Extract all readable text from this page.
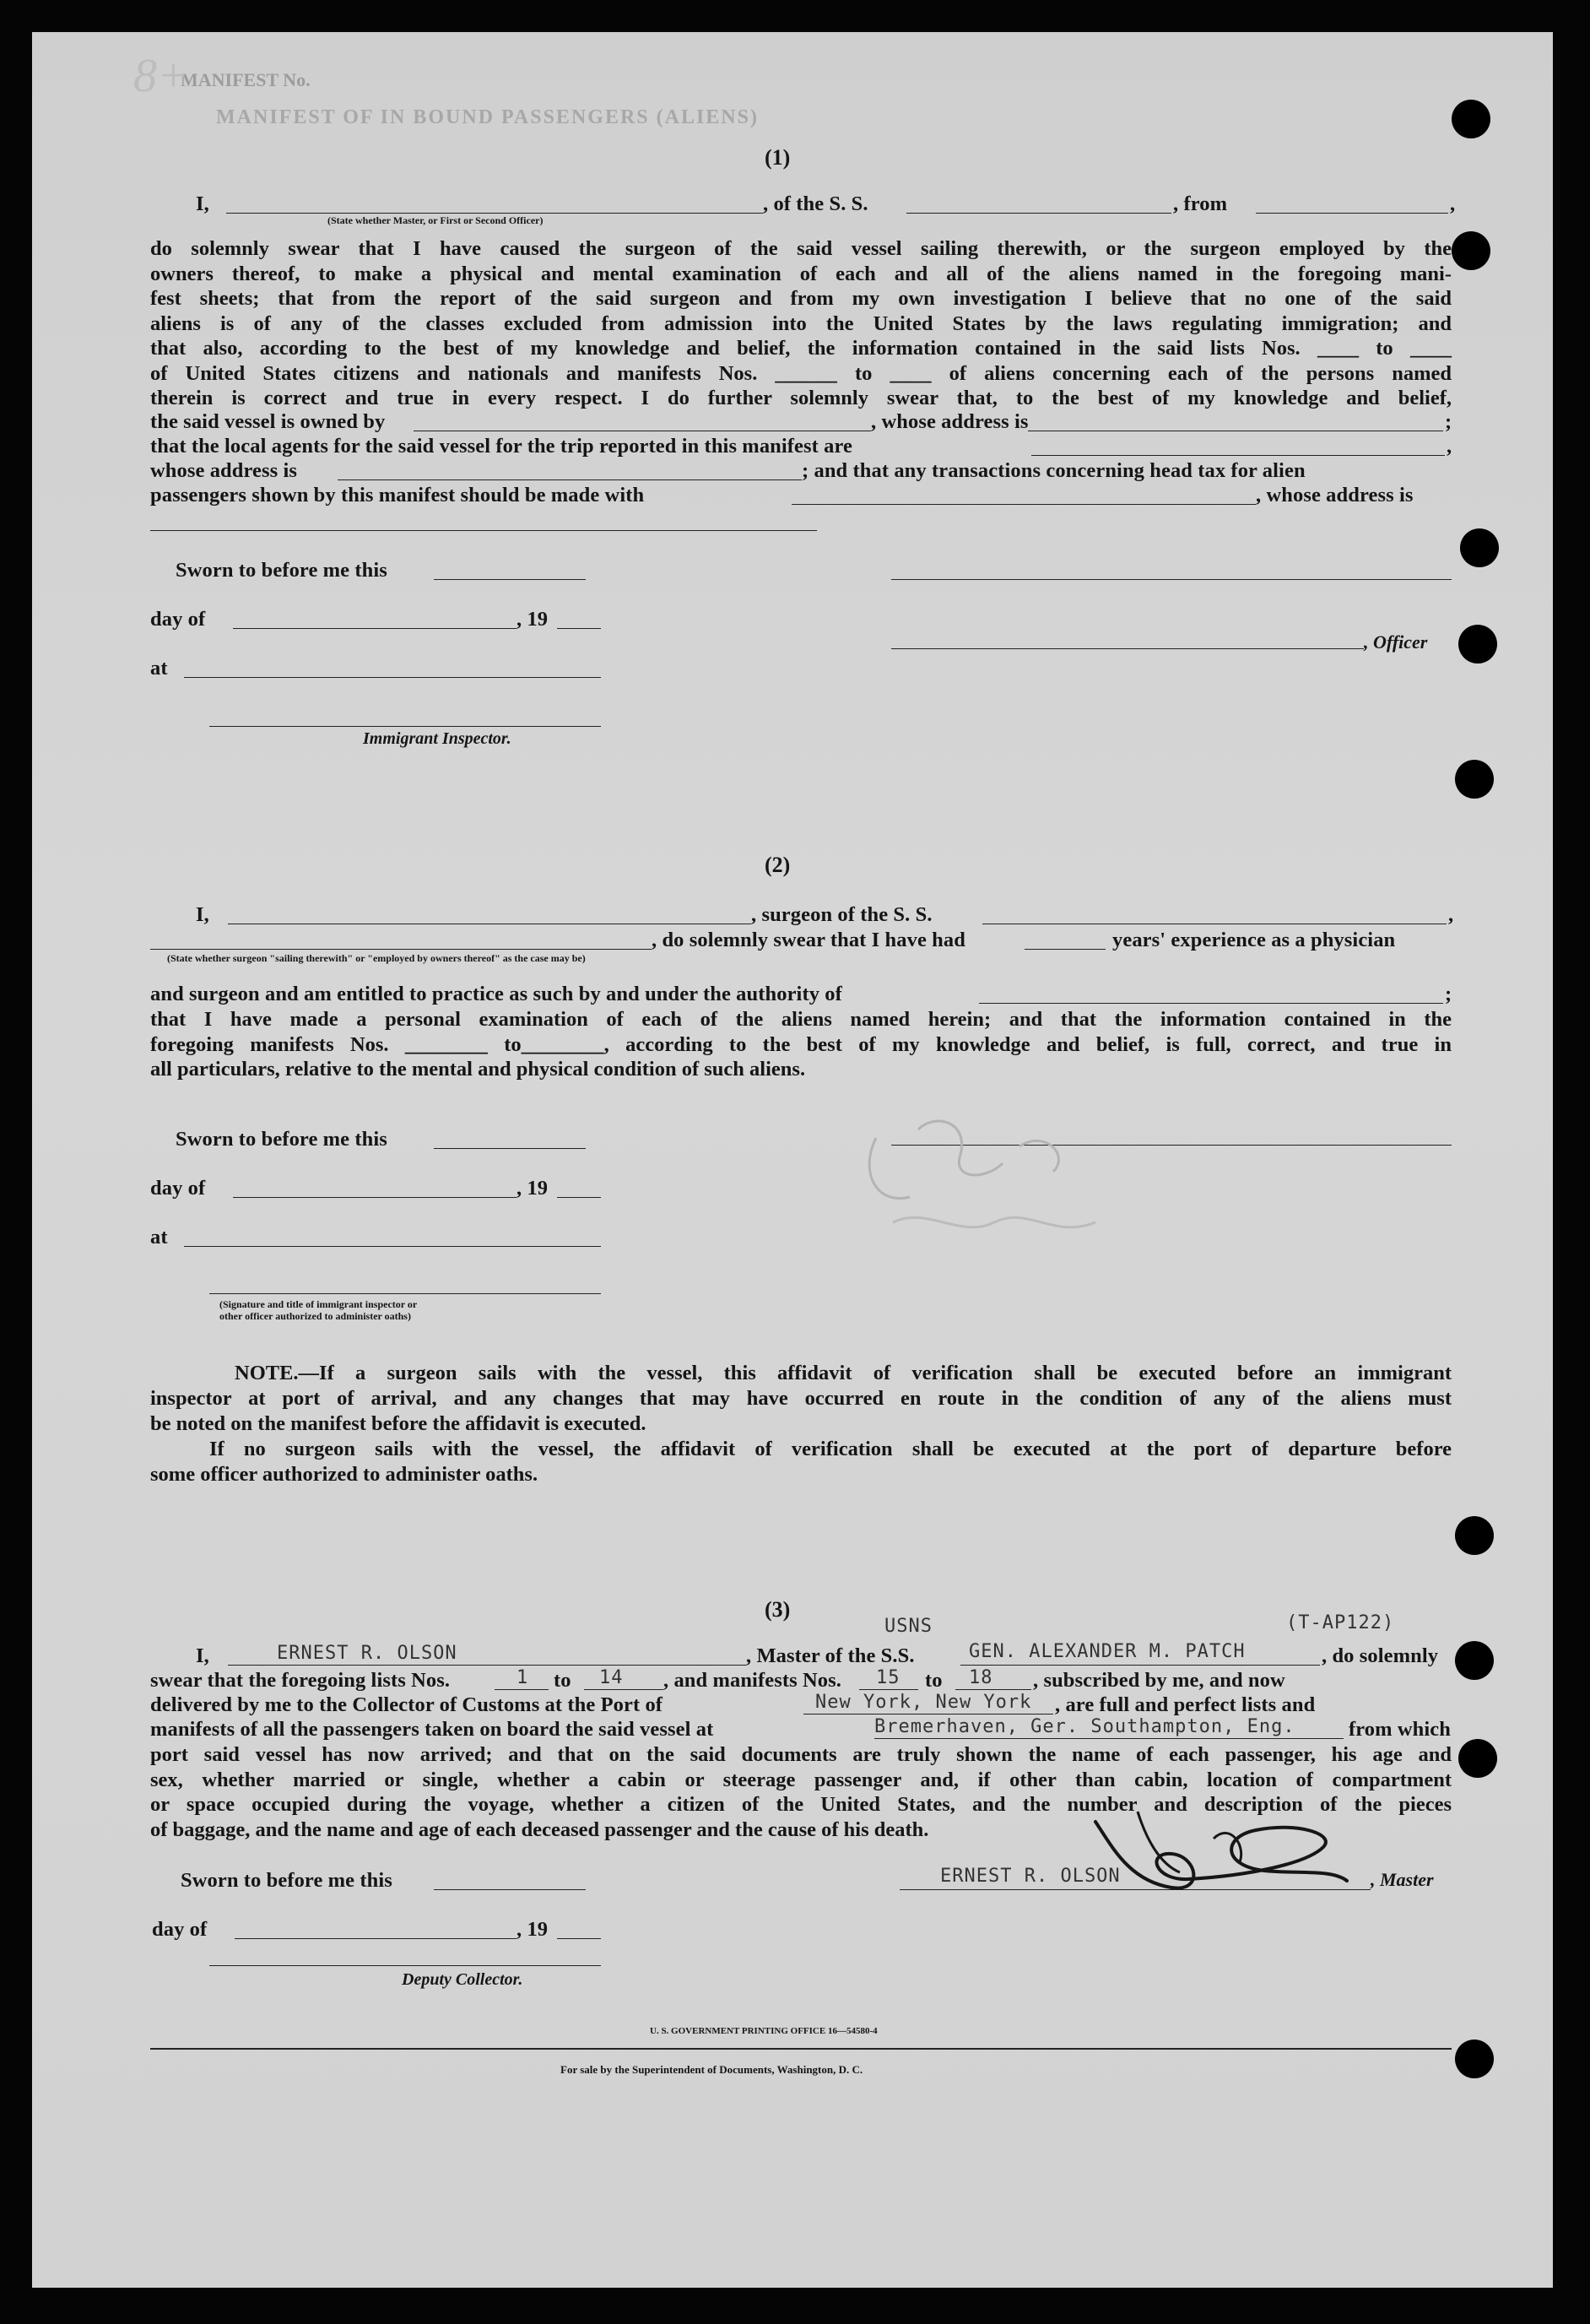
MANIFEST No.
MANIFEST OF IN BOUND PASSENGERS (ALIENS)
8+
(1)
I,	, of the S. S.	, from	,
(State whether Master, or First or Second Officer)
do solemnly swear that I have caused the surgeon of the said vessel sailing therewith, or the surgeon employed by the
owners thereof, to make a physical and mental examination of each and all of the aliens named in the foregoing mani-
fest sheets; that from the report of the said surgeon and from my own investigation I believe that no one of the said
aliens is of any of the classes excluded from admission into the United States by the laws regulating immigration; and
that also, according to the best of my knowledge and belief, the information contained in the said lists Nos. ____ to ____
of United States citizens and nationals and manifests Nos. ______ to ____ of aliens concerning each of the persons named
therein is correct and true in every respect. I do further solemnly swear that, to the best of my knowledge and belief,
the said vessel is owned by	, whose address is	;
that the local agents for the said vessel for the trip reported in this manifest are	,
whose address is	; and that any transactions concerning head tax for alien
passengers shown by this manifest should be made with	, whose address is
Sworn to before me this
day of	, 19
at
Immigrant Inspector.
, Officer
(2)
I,	, surgeon of the S. S.	,
, do solemnly swear that I have had	years' experience as a physician
(State whether surgeon "sailing therewith" or "employed by owners thereof" as the case may be)
and surgeon and am entitled to practice as such by and under the authority of	;
that I have made a personal examination of each of the aliens named herein; and that the information contained in the
foregoing manifests Nos. ________ to________, according to the best of my knowledge and belief, is full, correct, and true in
all particulars, relative to the mental and physical condition of such aliens.
Sworn to before me this
day of	, 19
at
(Signature and title of immigrant inspector or
other officer authorized to administer oaths)
NOTE.—If a surgeon sails with the vessel, this affidavit of verification shall be executed before an immigrant
inspector at port of arrival, and any changes that may have occurred en route in the condition of any of the aliens must
be noted on the manifest before the affidavit is executed.
If no surgeon sails with the vessel, the affidavit of verification shall be executed at the port of departure before
some officer authorized to administer oaths.
(3)
USNS	(T-AP122)
I,	ERNEST R. OLSON	, Master of the S.S.	GEN. ALEXANDER M. PATCH	, do solemnly
swear that the foregoing lists Nos.	1 to 14 , and manifests Nos. 15 to 18 , subscribed by me, and now
delivered by me to the Collector of Customs at the Port of	New York, New York , are full and perfect lists and
manifests of all the passengers taken on board the said vessel at	Bremerhaven, Ger. Southampton, Eng.	from which
port said vessel has now arrived; and that on the said documents are truly shown the name of each passenger, his age and
sex, whether married or single, whether a cabin or steerage passenger and, if other than cabin, location of compartment
or space occupied during the voyage, whether a citizen of the United States, and the number and description of the pieces
of baggage, and the name and age of each deceased passenger and the cause of his death.
Sworn to before me this
day of	, 19
Deputy Collector.
ERNEST R. OLSON	, Master
U. S. GOVERNMENT PRINTING OFFICE 16—54580-4
For sale by the Superintendent of Documents, Washington, D. C.
